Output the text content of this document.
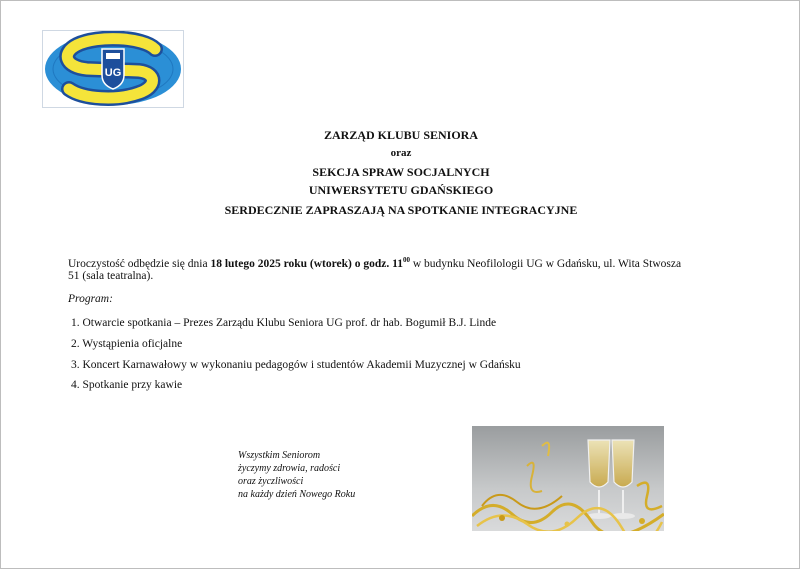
UG
ZARZĄD KLUBU SENIORA
oraz
SEKCJA SPRAW SOCJALNYCH
UNIWERSYTETU GDAŃSKIEGO
SERDECZNIE ZAPRASZAJĄ NA SPOTKANIE INTEGRACYJNE
Uroczystość odbędzie się dnia 18 lutego 2025 roku (wtorek) o godz. $11^{00}$ w budynku Neofilologii UG w Gdańsku, ul. Wita Stwosza
51 (sala teatralna).
Program:
1. Otwarcie spotkania – Prezes Zarządu Klubu Seniora UG prof. dr hab. Bogumił B.J. Linde
2. Wystąpienia oficjalne
3. Koncert Karnawałowy w wykonaniu pedagogów i studentów Akademii Muzycznej w Gdańsku
4. Spotkanie przy kawie
Wszystkim Seniorom
życzymy zdrowia, radości
oraz życzliwości
na każdy dzień Nowego Roku
